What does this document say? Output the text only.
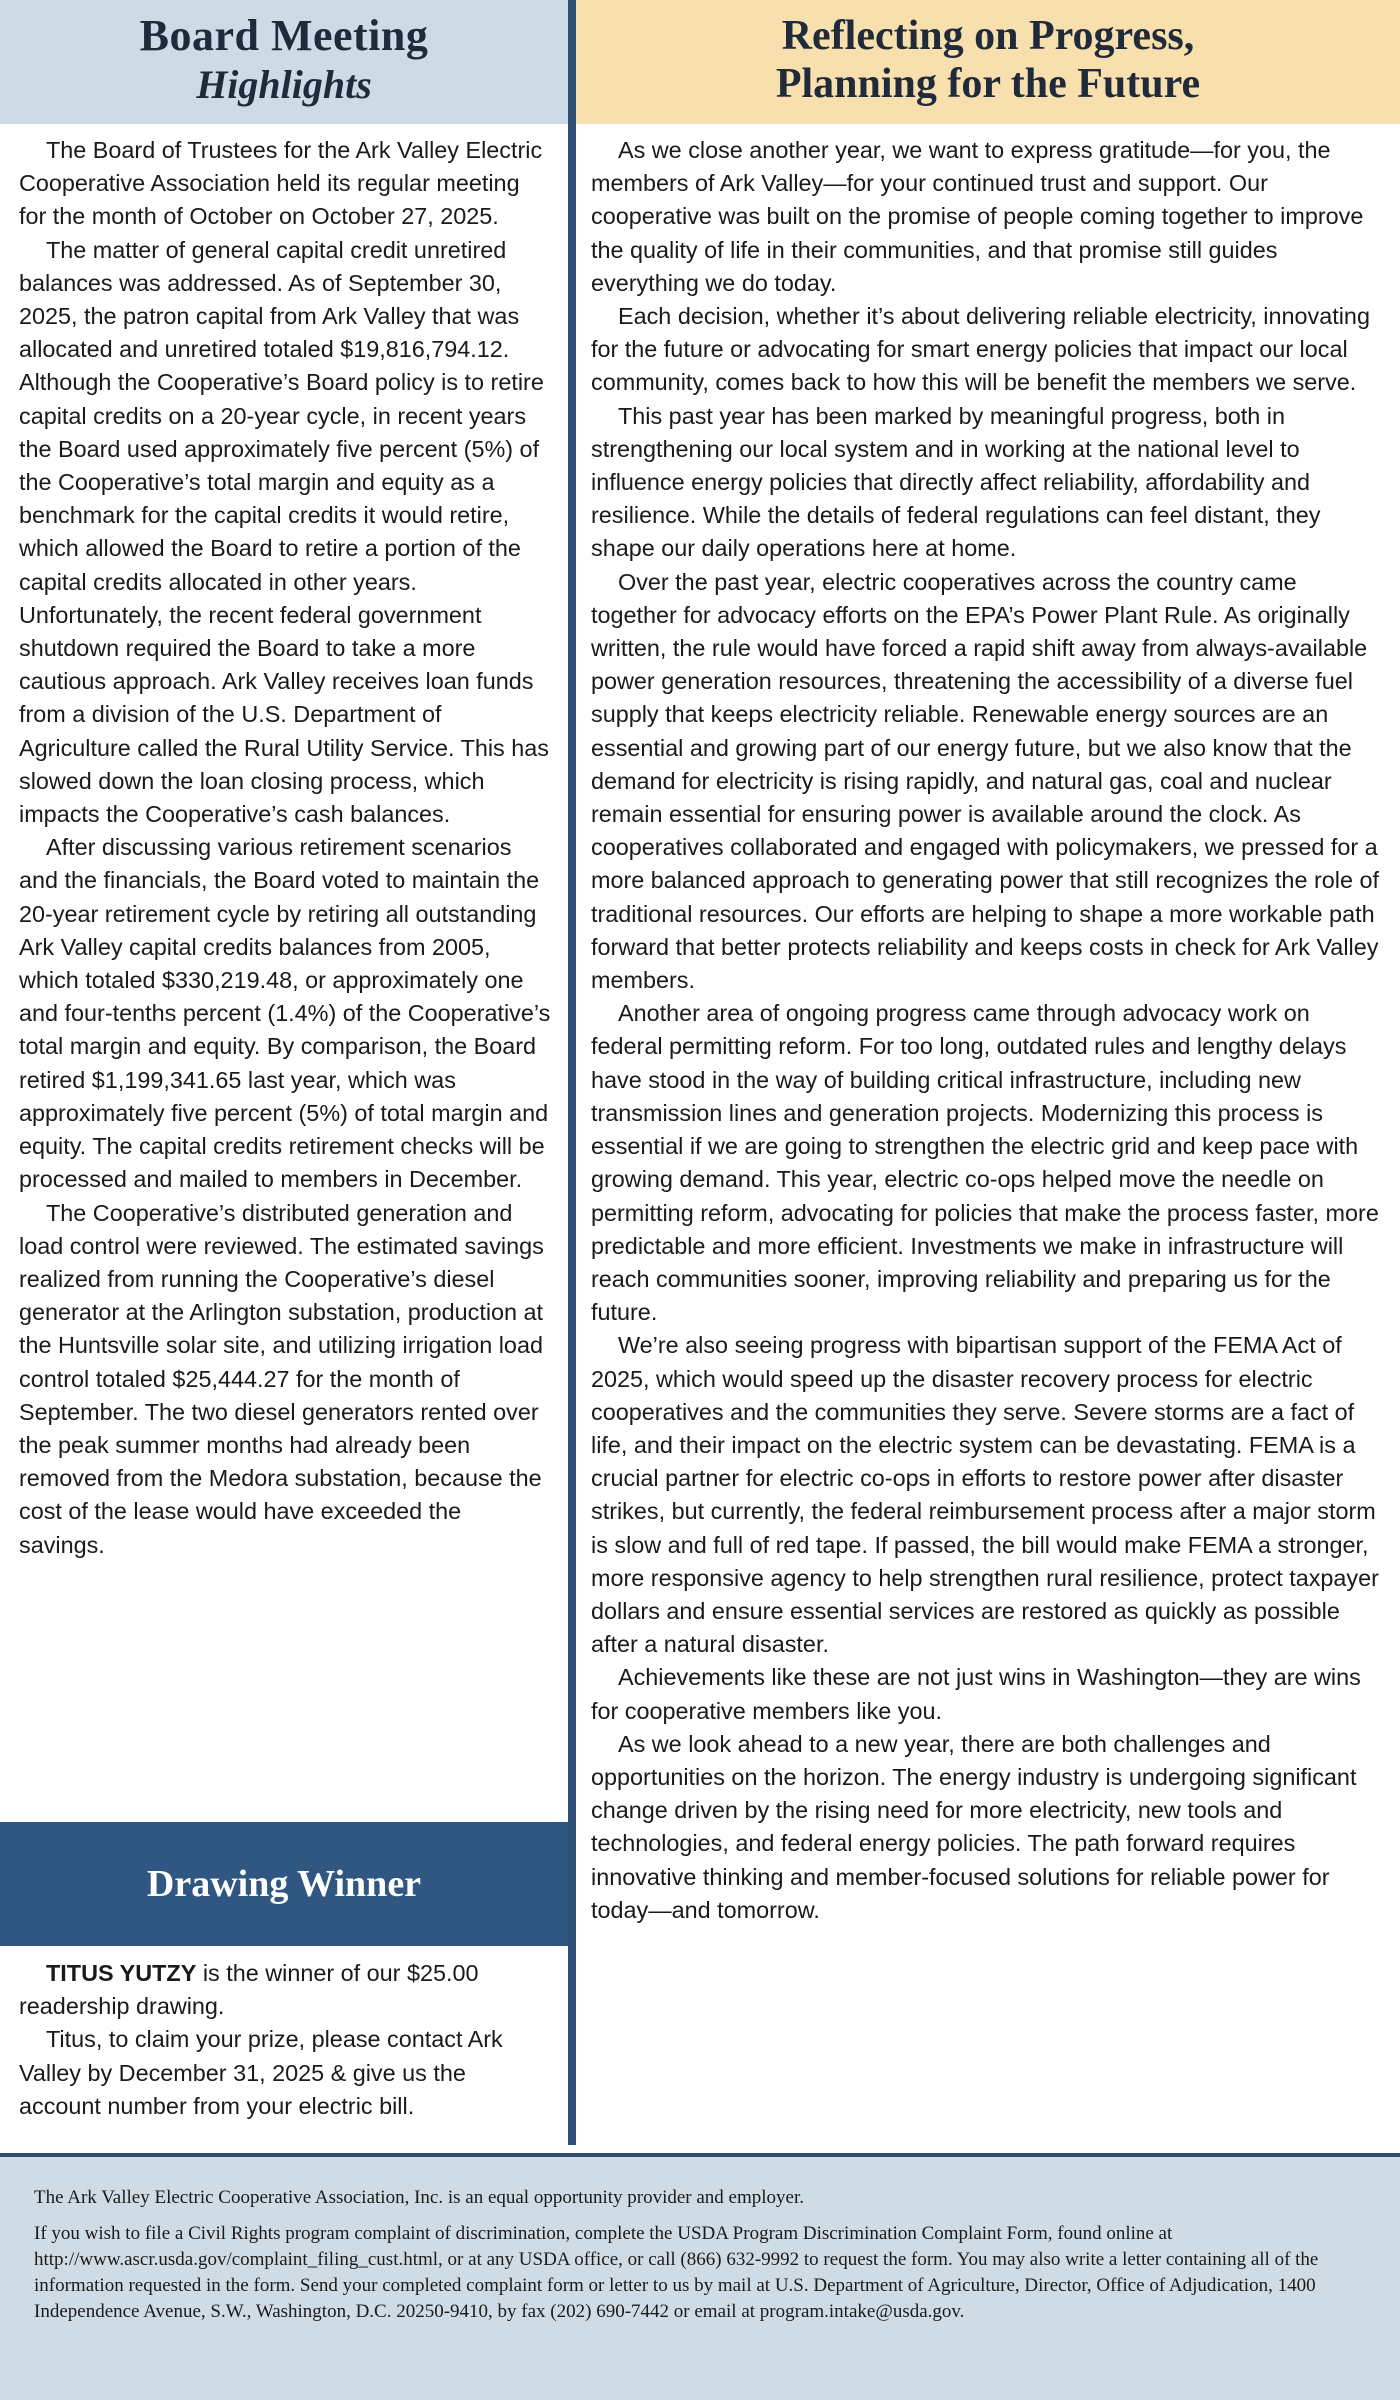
Board Meeting
Highlights

The Board of Trustees for the Ark Valley Electric Cooperative Association held its regular meeting for the month of October on October 27, 2025.

The matter of general capital credit unretired balances was addressed. As of September 30, 2025, the patron capital from Ark Valley that was allocated and unretired totaled $19,816,794.12. Although the Cooperative’s Board policy is to retire capital credits on a 20-year cycle, in recent years the Board used approximately five percent (5%) of the Cooperative’s total margin and equity as a benchmark for the capital credits it would retire, which allowed the Board to retire a portion of the capital credits allocated in other years. Unfortunately, the recent federal government shutdown required the Board to take a more cautious approach. Ark Valley receives loan funds from a division of the U.S. Department of Agriculture called the Rural Utility Service. This has slowed down the loan closing process, which impacts the Cooperative’s cash balances.

After discussing various retirement scenarios and the financials, the Board voted to maintain the 20-year retirement cycle by retiring all outstanding Ark Valley capital credits balances from 2005, which totaled $330,219.48, or approximately one and four-tenths percent (1.4%) of the Cooperative’s total margin and equity. By comparison, the Board retired $1,199,341.65 last year, which was approximately five percent (5%) of total margin and equity. The capital credits retirement checks will be processed and mailed to members in December.

The Cooperative’s distributed generation and load control were reviewed. The estimated savings realized from running the Cooperative’s diesel generator at the Arlington substation, production at the Huntsville solar site, and utilizing irrigation load control totaled $25,444.27 for the month of September. The two diesel generators rented over the peak summer months had already been removed from the Medora substation, because the cost of the lease would have exceeded the savings.

Drawing Winner

TITUS YUTZY is the winner of our $25.00 readership drawing.

Titus, to claim your prize, please contact Ark Valley by December 31, 2025 & give us the account number from your electric bill.

Reflecting on Progress,
Planning for the Future

As we close another year, we want to express gratitude—for you, the members of Ark Valley—for your continued trust and support. Our cooperative was built on the promise of people coming together to improve the quality of life in their communities, and that promise still guides everything we do today.

Each decision, whether it’s about delivering reliable electricity, innovating for the future or advocating for smart energy policies that impact our local community, comes back to how this will be benefit the members we serve.

This past year has been marked by meaningful progress, both in strengthening our local system and in working at the national level to influence energy policies that directly affect reliability, affordability and resilience. While the details of federal regulations can feel distant, they shape our daily operations here at home.

Over the past year, electric cooperatives across the country came together for advocacy efforts on the EPA’s Power Plant Rule. As originally written, the rule would have forced a rapid shift away from always-available power generation resources, threatening the accessibility of a diverse fuel supply that keeps electricity reliable. Renewable energy sources are an essential and growing part of our energy future, but we also know that the demand for electricity is rising rapidly, and natural gas, coal and nuclear remain essential for ensuring power is available around the clock. As cooperatives collaborated and engaged with policymakers, we pressed for a more balanced approach to generating power that still recognizes the role of traditional resources. Our efforts are helping to shape a more workable path forward that better protects reliability and keeps costs in check for Ark Valley members.

Another area of ongoing progress came through advocacy work on federal permitting reform. For too long, outdated rules and lengthy delays have stood in the way of building critical infrastructure, including new transmission lines and generation projects. Modernizing this process is essential if we are going to strengthen the electric grid and keep pace with growing demand. This year, electric co-ops helped move the needle on permitting reform, advocating for policies that make the process faster, more predictable and more efficient. Investments we make in infrastructure will reach communities sooner, improving reliability and preparing us for the future.

We’re also seeing progress with bipartisan support of the FEMA Act of 2025, which would speed up the disaster recovery process for electric cooperatives and the communities they serve. Severe storms are a fact of life, and their impact on the electric system can be devastating. FEMA is a crucial partner for electric co-ops in efforts to restore power after disaster strikes, but currently, the federal reimbursement process after a major storm is slow and full of red tape. If passed, the bill would make FEMA a stronger, more responsive agency to help strengthen rural resilience, protect taxpayer dollars and ensure essential services are restored as quickly as possible after a natural disaster.

Achievements like these are not just wins in Washington—they are wins for cooperative members like you.

As we look ahead to a new year, there are both challenges and opportunities on the horizon. The energy industry is undergoing significant change driven by the rising need for more electricity, new tools and technologies, and federal energy policies. The path forward requires innovative thinking and member-focused solutions for reliable power for today—and tomorrow.

The Ark Valley Electric Cooperative Association, Inc. is an equal opportunity provider and employer.

If you wish to file a Civil Rights program complaint of discrimination, complete the USDA Program Discrimination Complaint Form, found online at http://www.ascr.usda.gov/complaint_filing_cust.html, or at any USDA office, or call (866) 632-9992 to request the form. You may also write a letter containing all of the information requested in the form. Send your completed complaint form or letter to us by mail at U.S. Department of Agriculture, Director, Office of Adjudication, 1400 Independence Avenue, S.W., Washington, D.C. 20250-9410, by fax (202) 690-7442 or email at program.intake@usda.gov.
